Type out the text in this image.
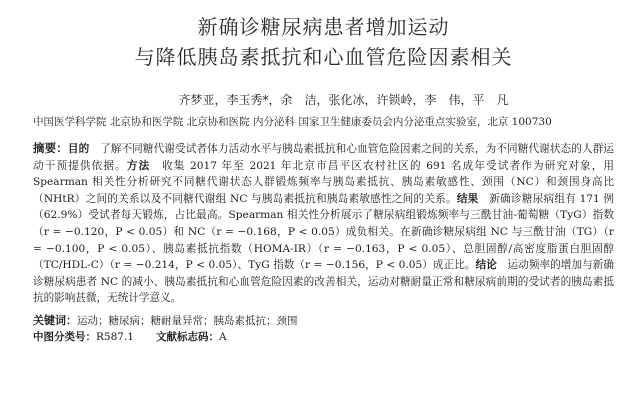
新确诊糖尿病患者增加运动
与降低胰岛素抵抗和心血管危险因素相关
齐梦亚，李玉秀*，余　洁，张化冰，许锁岭，李　伟，平　凡
中国医学科学院 北京协和医学院 北京协和医院 内分泌科 国家卫生健康委员会内分泌重点实验室，北京 100730

摘要：目的　 了解不同糖代谢受试者体力活动水平与胰岛素抵抗和心血管危险因素之间的关系，为不同糖代谢状态的人群运动干预提供依据。方法　 收集 2017 年至 2021 年北京市昌平区农村社区的 691 名成年受试者作为研究对象，用 Spearman 相关性分析研究不同糖代谢状态人群锻炼频率与胰岛素抵抗、胰岛素敏感性、颈围（NC）和颈围身高比（NHtR）之间的关系以及不同糖代谢组 NC 与胰岛素抵抗和胰岛素敏感性之间的关系。结果　 新确诊糖尿病组有 171 例（62.9%）受试者每天锻炼，占比最高。Spearman 相关性分析展示了糖尿病组锻炼频率与三酰甘油-葡萄糖（TyG）指数（r = −0.120，P < 0.05）和 NC（r = −0.168，P < 0.05）成负相关。在新确诊糖尿病组 NC 与三酰甘油（TG）（r = −0.100，P < 0.05）、胰岛素抵抗指数（HOMA-IR）（r = −0.163，P < 0.05）、总胆固醇/高密度脂蛋白胆固醇（TC/HDL-C）（r = −0.214，P < 0.05）、TyG 指数（r = −0.156，P < 0.05）成正比。结论　 运动频率的增加与新确诊糖尿病患者 NC 的减小、胰岛素抵抗和心血管危险因素的改善相关，运动对糖耐量正常和糖尿病前期的受试者的胰岛素抵抗的影响甚微，无统计学意义。

关键词：运动；糖尿病；糖耐量异常；胰岛素抵抗；颈围
中图分类号：R587.1 文献标志码：A
